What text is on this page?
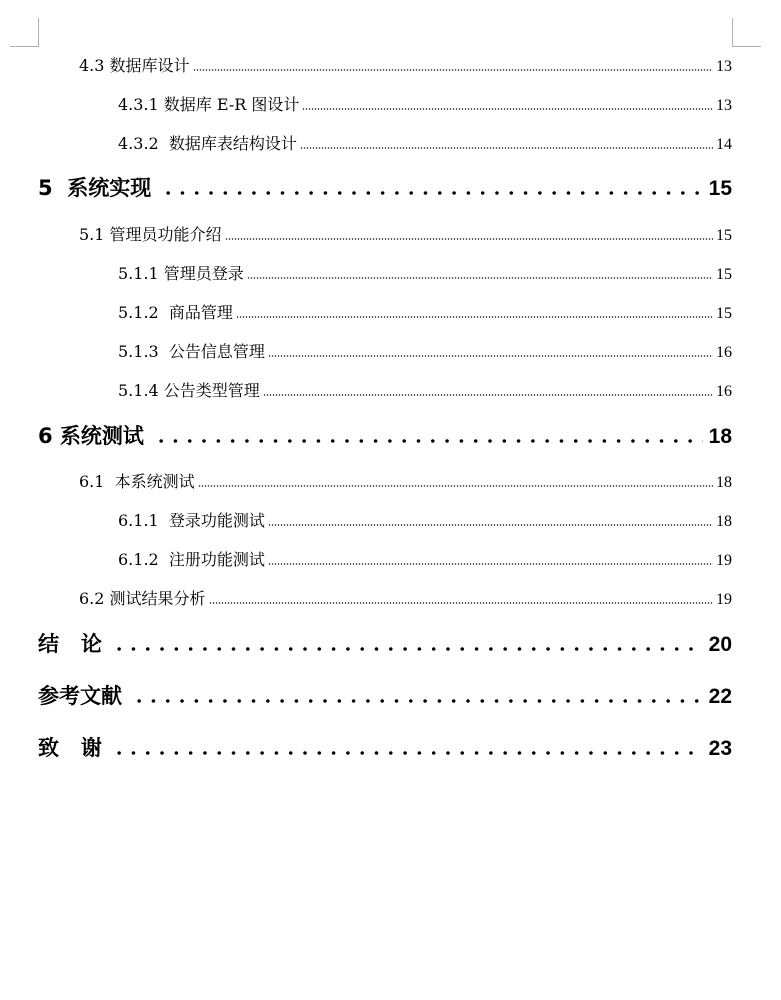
4.3 数据库设计	13
4.3.1 数据库 E-R 图设计	13
4.3.2  数据库表结构设计	14
5  系统实现	15
5.1 管理员功能介绍	15
5.1.1 管理员登录	15
5.1.2  商品管理	15
5.1.3  公告信息管理	16
5.1.4 公告类型管理	16
6 系统测试	18
6.1  本系统测试	18
6.1.1  登录功能测试	18
6.1.2  注册功能测试	19
6.2 测试结果分析	19
结   论	20
参考文献	22
致   谢	23
